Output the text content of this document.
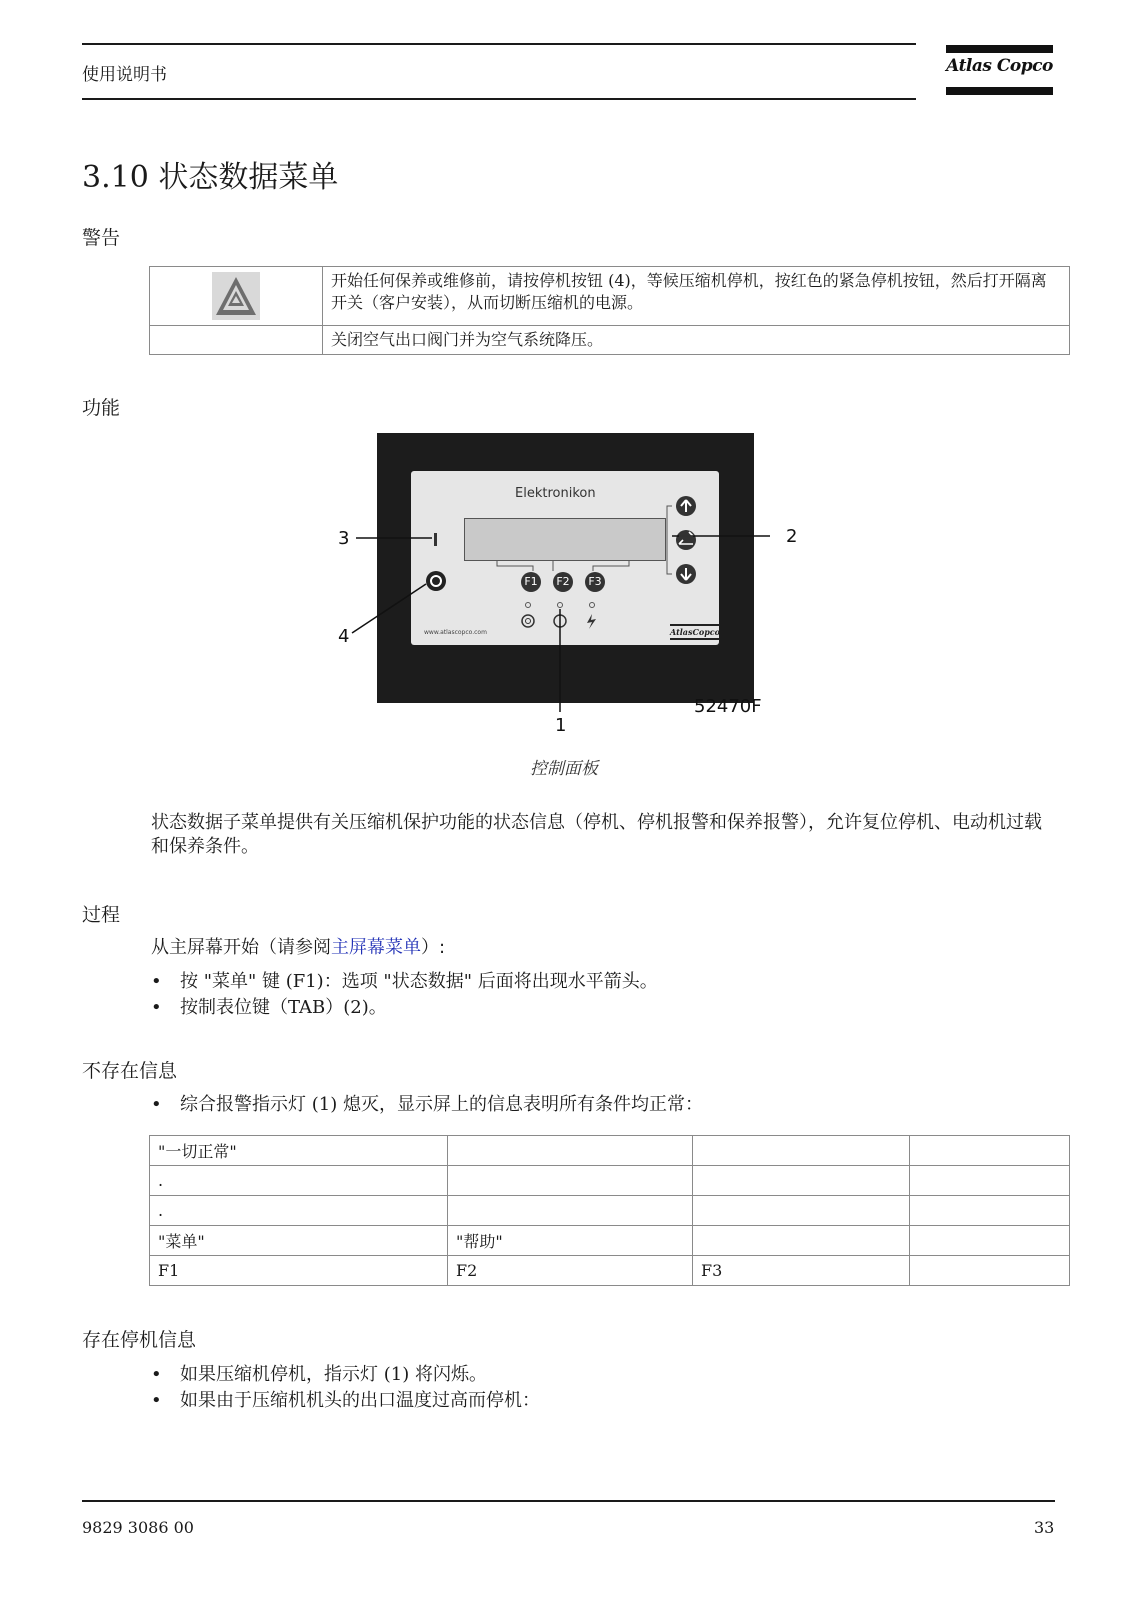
使用说明书	Atlas Copco
3.10 状态数据菜单
警告
	开始任何保养或维修前，请按停机按钮 (4)，等候压缩机停机，按红色的紧急停机按钮，然后打开隔离开关（客户安装），从而切断压缩机的电源。
	关闭空气出口阀门并为空气系统降压。
功能
Elektronikon
F1	F2	F3
www.atlascopco.com	AtlasCopco
3	2
4
1
52470F
控制面板
状态数据子菜单提供有关压缩机保护功能的状态信息（停机、停机报警和保养报警），允许复位停机、电动机过载和保养条件。
过程
从主屏幕开始（请参阅主屏幕菜单）:
• 按 "菜单" 键 (F1)：选项 "状态数据" 后面将出现水平箭头。
• 按制表位键（TAB）(2)。
不存在信息
• 综合报警指示灯 (1) 熄灭，显示屏上的信息表明所有条件均正常：
"一切正常"			
.			
.			
"菜单"	"帮助"		
F1	F2	F3	
存在停机信息
• 如果压缩机停机，指示灯 (1) 将闪烁。
• 如果由于压缩机机头的出口温度过高而停机：
9829 3086 00	33
